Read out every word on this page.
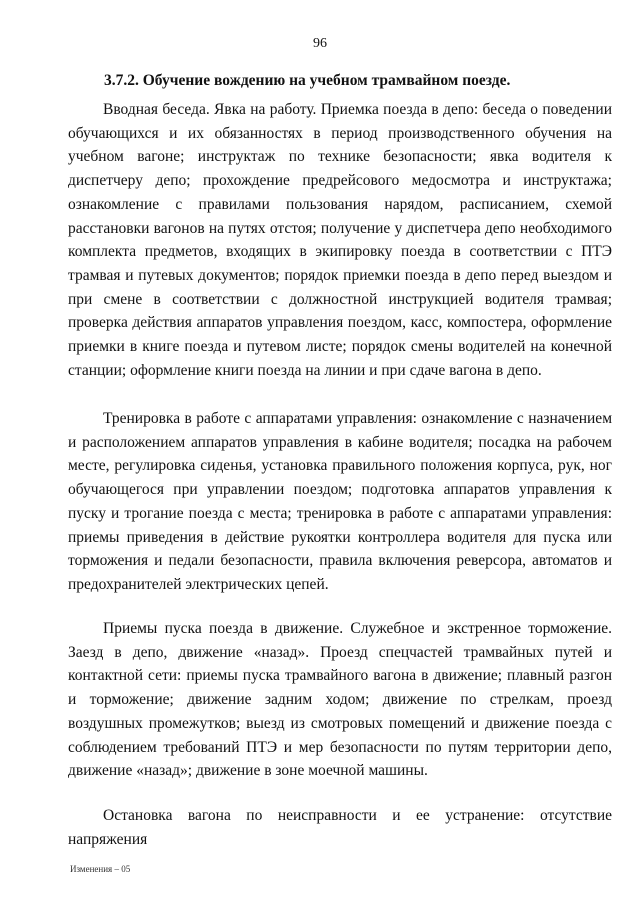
96
3.7.2. Обучение вождению на учебном трамвайном поезде.

Вводная беседа. Явка на работу. Приемка поезда в депо: беседа о поведении обучающихся и их обязанностях в период производственного обучения на учебном вагоне; инструктаж по технике безопасности; явка водителя к диспетчеру депо; прохождение предрейсового медосмотра и инструктажа; ознакомление с правилами пользования нарядом, расписанием, схемой расстановки вагонов на путях отстоя; получение у диспетчера депо необходимого комплекта предметов, входящих в экипировку поезда в соответствии с ПТЭ трамвая и путевых документов; порядок приемки поезда в депо перед выездом и при смене в соответствии с должностной инструкцией водителя трамвая; проверка действия аппаратов управления поездом, касс, компостера, оформление приемки в книге поезда и путевом листе; порядок смены водителей на конечной станции; оформление книги поезда на линии и при сдаче вагона в депо.

Тренировка в работе с аппаратами управления: ознакомление с назначением и расположением аппаратов управления в кабине водителя; посадка на рабочем месте, регулировка сиденья, установка правильного положения корпуса, рук, ног обучающегося при управлении поездом; подготовка аппаратов управления к пуску и трогание поезда с места; тренировка в работе с аппаратами управления: приемы приведения в действие рукоятки контроллера водителя для пуска или торможения и педали безопасности, правила включения реверсора, автоматов и предохранителей электрических цепей.

Приемы пуска поезда в движение. Служебное и экстренное торможение. Заезд в депо, движение «назад». Проезд спецчастей трамвайных путей и контактной сети: приемы пуска трамвайного вагона в движение; плавный разгон и торможение; движение задним ходом; движение по стрелкам, проезд воздушных промежутков; выезд из смотровых помещений и движение поезда с соблюдением требований ПТЭ и мер безопасности по путям территории депо, движение «назад»; движение в зоне моечной машины.

Остановка вагона по неисправности и ее устранение: отсутствие напряжения

Изменения – 05
